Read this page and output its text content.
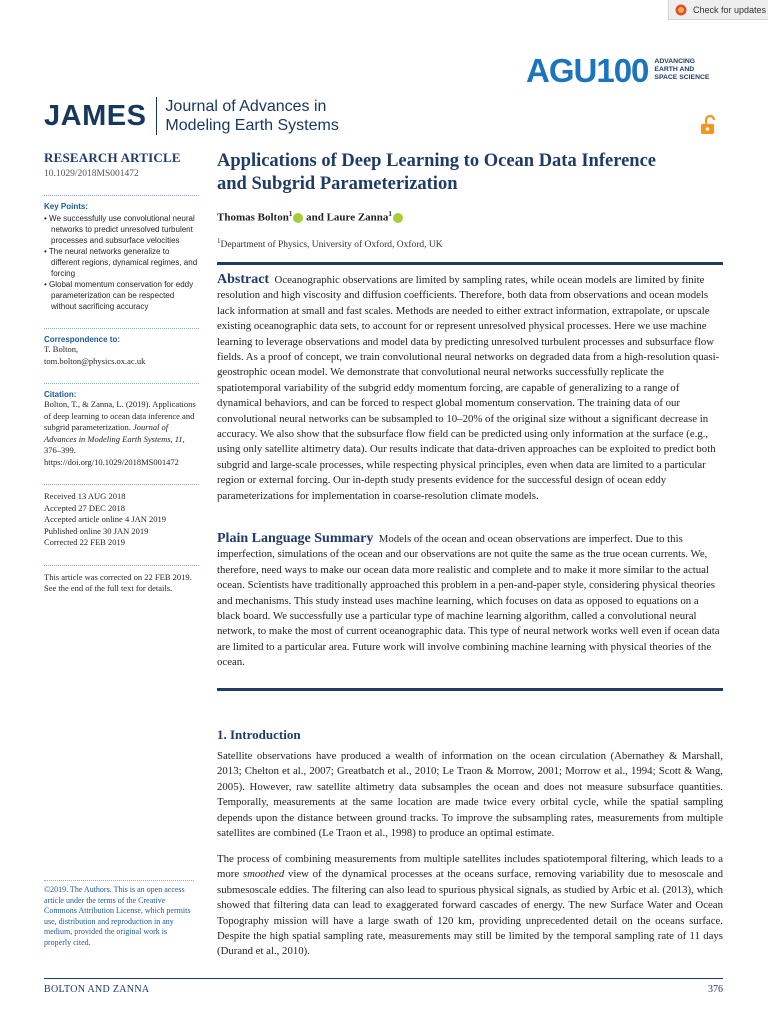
Check for updates
AGU 100 ADVANCING
EARTH AND
SPACE SCIENCE
JAMES Journal of Advances in
Modeling Earth Systems
RESEARCH ARTICLE
10.1029/2018MS001472
Key Points:
• We successfully use convolutional neural networks to predict unresolved turbulent processes and subsurface velocities
• The neural networks generalize to different regions, dynamical regimes, and forcing
• Global momentum conservation for eddy parameterization can be respected without sacrificing accuracy
Correspondence to:
T. Bolton,
tom.bolton@physics.ox.ac.uk
Citation:
Bolton, T., & Zanna, L. (2019). Applications of deep learning to ocean data inference and subgrid parameterization. Journal of Advances in Modeling Earth Systems, 11, 376–399. https://doi.org/10.1029/2018MS001472
Received 13 AUG 2018
Accepted 27 DEC 2018
Accepted article online 4 JAN 2019
Published online 30 JAN 2019
Corrected 22 FEB 2019
This article was corrected on 22 FEB 2019. See the end of the full text for details.
Applications of Deep Learning to Ocean Data Inference
and Subgrid Parameterization
Thomas Bolton$^1$ and Laure Zanna$^1$
$^1$Department of Physics, University of Oxford, Oxford, UK
Abstract Oceanographic observations are limited by sampling rates, while ocean models are limited by finite resolution and high viscosity and diffusion coefficients. Therefore, both data from observations and ocean models lack information at small and fast scales. Methods are needed to either extract information, extrapolate, or upscale existing oceanographic data sets, to account for or represent unresolved physical processes. Here we use machine learning to leverage observations and model data by predicting unresolved turbulent processes and subsurface flow fields. As a proof of concept, we train convolutional neural networks on degraded data from a high-resolution quasi-geostrophic ocean model. We demonstrate that convolutional neural networks successfully replicate the spatiotemporal variability of the subgrid eddy momentum forcing, are capable of generalizing to a range of dynamical behaviors, and can be forced to respect global momentum conservation. The training data of our convolutional neural networks can be subsampled to 10–20% of the original size without a significant decrease in accuracy. We also show that the subsurface flow field can be predicted using only information at the surface (e.g., using only satellite altimetry data). Our results indicate that data-driven approaches can be exploited to predict both subgrid and large-scale processes, while respecting physical principles, even when data are limited to a particular region or external forcing. Our in-depth study presents evidence for the successful design of ocean eddy parameterizations for implementation in coarse-resolution climate models.
Plain Language Summary Models of the ocean and ocean observations are imperfect. Due to this imperfection, simulations of the ocean and our observations are not quite the same as the true ocean currents. We, therefore, need ways to make our ocean data more realistic and complete and to make it more similar to the actual ocean. Scientists have traditionally approached this problem in a pen-and-paper style, considering physical theories and mechanisms. This study instead uses machine learning, which focuses on data as opposed to equations on a black board. We successfully use a particular type of machine learning algorithm, called a convolutional neural network, to make the most of current oceanographic data. This type of neural network works well even if ocean data are limited to a particular area. Future work will involve combining machine learning with physical theories of the ocean.
1. Introduction
Satellite observations have produced a wealth of information on the ocean circulation (Abernathey & Marshall, 2013; Chelton et al., 2007; Greatbatch et al., 2010; Le Traon & Morrow, 2001; Morrow et al., 1994; Scott & Wang, 2005). However, raw satellite altimetry data subsamples the ocean and does not measure subsurface quantities. Temporally, measurements at the same location are made twice every orbital cycle, while the spatial sampling depends upon the distance between ground tracks. To improve the subsampling rates, measurements from multiple satellites are combined (Le Traon et al., 1998) to produce an optimal estimate.
The process of combining measurements from multiple satellites includes spatiotemporal filtering, which leads to a more smoothed view of the dynamical processes at the oceans surface, removing variability due to mesoscale and submesoscale eddies. The filtering can also lead to spurious physical signals, as studied by Arbic et al. (2013), which showed that filtering data can lead to exaggerated forward cascades of energy. The new Surface Water and Ocean Topography mission will have a large swath of 120 km, providing unprecedented detail on the oceans surface. Despite the high spatial sampling rate, measurements may still be limited by the temporal sampling rate of 11 days (Durand et al., 2010).
©2019. The Authors. This is an open access article under the terms of the Creative Commons Attribution License, which permits use, distribution and reproduction in any medium, provided the original work is properly cited.
BOLTON AND ZANNA	376
